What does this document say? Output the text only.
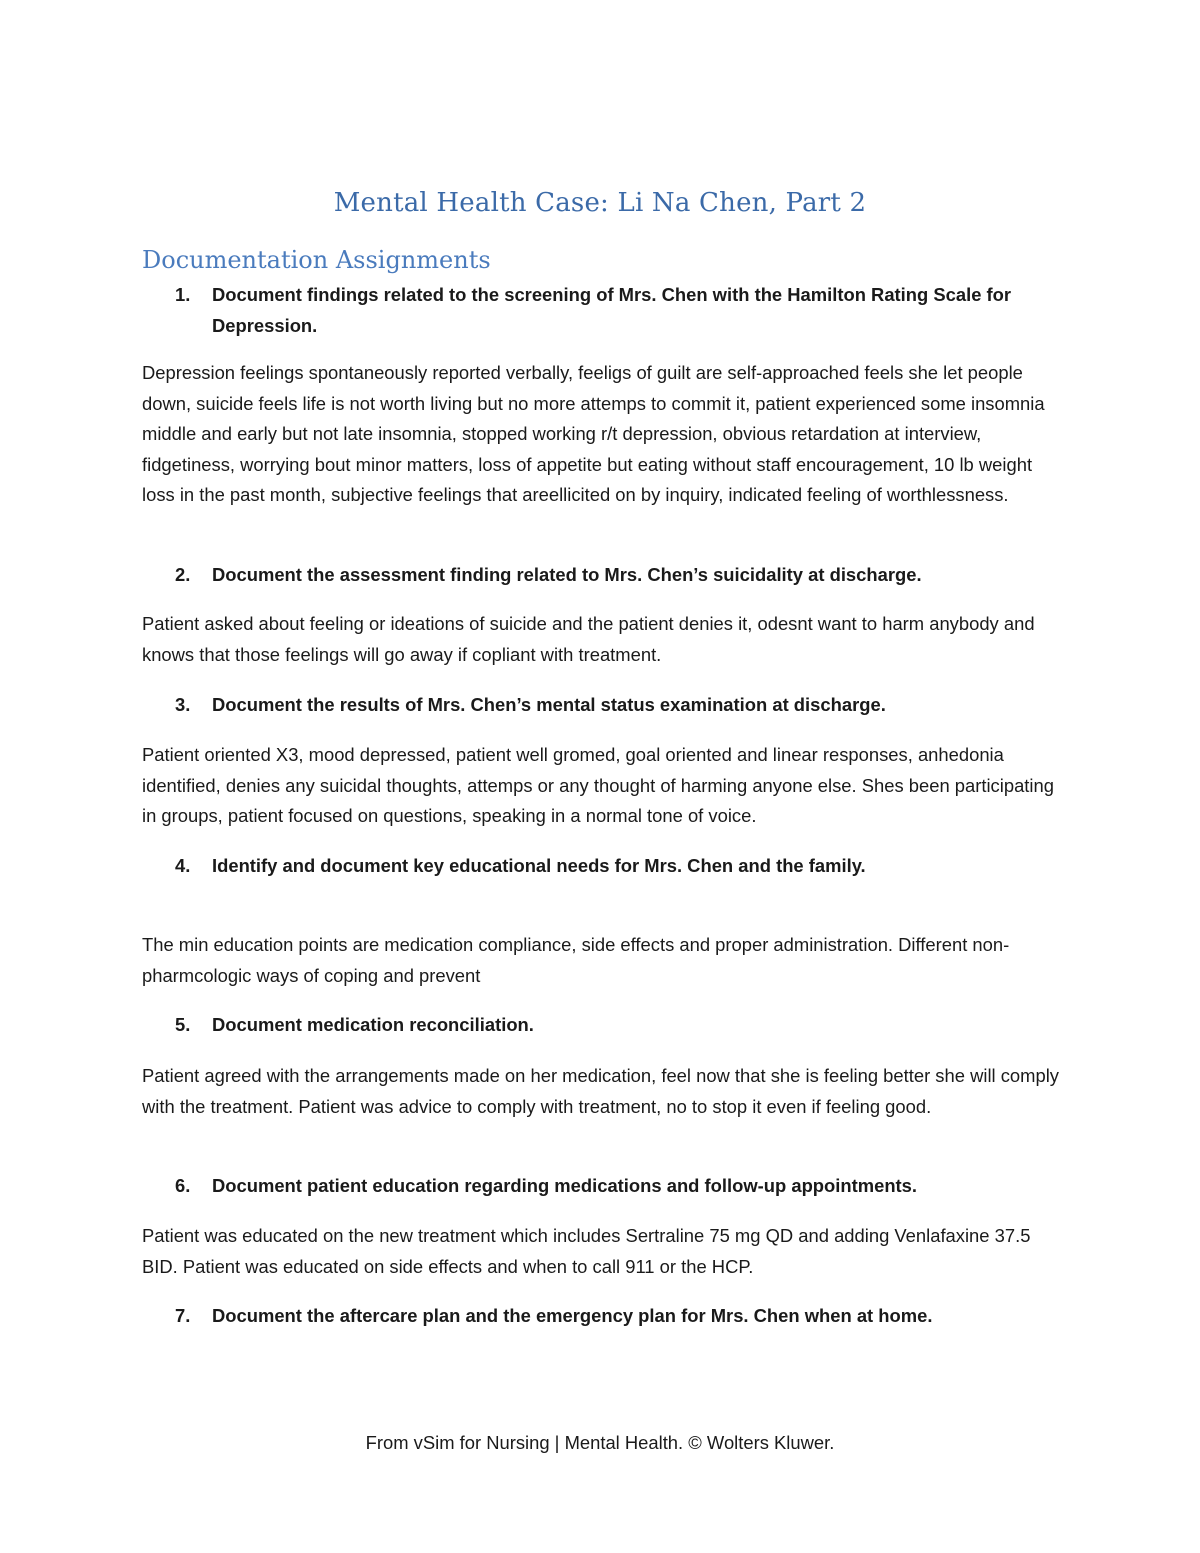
Mental Health Case: Li Na Chen, Part 2
Documentation Assignments
1.	Document findings related to the screening of Mrs. Chen with the Hamilton Rating Scale for Depression.
Depression feelings spontaneously reported verbally, feeligs of guilt are self-approached feels she let people down, suicide feels life is not worth living but no more attemps to commit it, patient experienced some insomnia middle and early but not late insomnia, stopped working r/t depression, obvious retardation at interview, fidgetiness, worrying bout minor matters, loss of appetite but eating without staff encouragement, 10 lb weight loss in the past month, subjective feelings that areellicited on by inquiry, indicated feeling of worthlessness.
2.	Document the assessment finding related to Mrs. Chen’s suicidality at discharge.
Patient asked about feeling or ideations of suicide and the patient denies it, odesnt want to harm anybody and knows that those feelings will go away if copliant with treatment.
3.	Document the results of Mrs. Chen’s mental status examination at discharge.
Patient oriented X3, mood depressed, patient well gromed, goal oriented and linear responses, anhedonia identified, denies any suicidal thoughts, attemps or any thought of harming anyone else. Shes been participating in groups, patient focused on questions, speaking in a normal tone of voice.
4.	Identify and document key educational needs for Mrs. Chen and the family.
The min education points are medication compliance, side effects and proper administration. Different non-pharmcologic ways of coping and prevent
5.	Document medication reconciliation.
Patient agreed with the arrangements made on her medication, feel now that she is feeling better she will comply with the treatment. Patient was advice to comply with treatment, no to stop it even if feeling good.
6.	Document patient education regarding medications and follow-up appointments.
Patient was educated on the new treatment which includes Sertraline 75 mg QD and adding Venlafaxine 37.5 BID. Patient was educated on side effects and when to call 911 or the HCP.
7.	Document the aftercare plan and the emergency plan for Mrs. Chen when at home.
From vSim for Nursing | Mental Health. © Wolters Kluwer.
